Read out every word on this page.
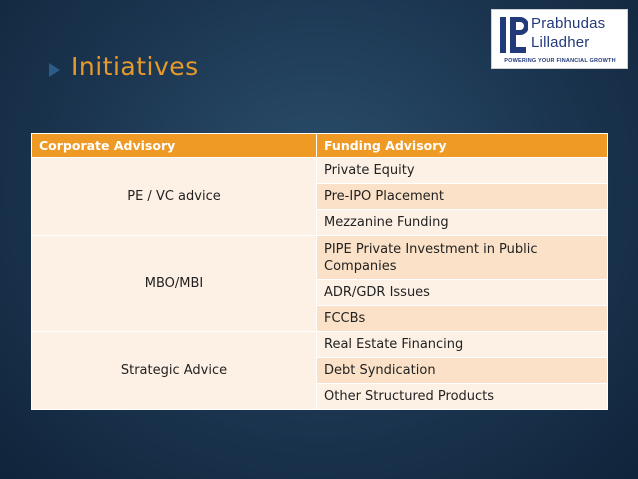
Initiatives
Prabhudas
Lilladher
POWERING YOUR FINANCIAL GROWTH
Corporate Advisory	Funding Advisory
PE / VC advice	Private Equity
	Pre-IPO Placement
	Mezzanine Funding
MBO/MBI	PIPE Private Investment in Public Companies
	ADR/GDR Issues
	FCCBs
Strategic Advice	Real Estate Financing
	Debt Syndication
	Other Structured Products
